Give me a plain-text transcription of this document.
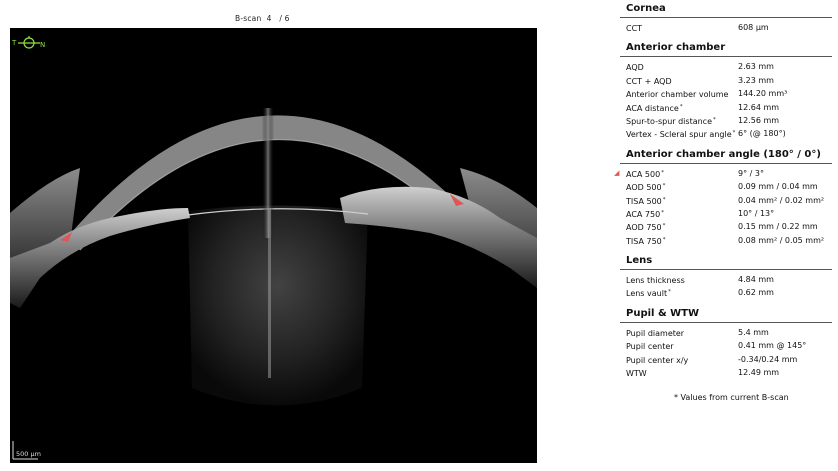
B-scan  4   / 6
T	N
500 µm
Cornea
CCT	608 µm
Anterior chamber
AQD	2.63 mm
CCT + AQD	3.23 mm
Anterior chamber volume 144.20 mm³
ACA distance*	12.64 mm
Spur-to-spur distance*	12.56 mm
Vertex - Scleral spur angle* 6° (@ 180°)
Anterior chamber angle (180° / 0°)
◢ ACA 500*	9° / 3°
AOD 500*	0.09 mm / 0.04 mm
TISA 500*	0.04 mm² / 0.02 mm²
ACA 750*	10° / 13°
AOD 750*	0.15 mm / 0.22 mm
TISA 750*	0.08 mm² / 0.05 mm²
Lens
Lens thickness	4.84 mm
Lens vault*	0.62 mm
Pupil & WTW
Pupil diameter	5.4 mm
Pupil center	0.41 mm @ 145°
Pupil center x/y	-0.34/0.24 mm
WTW	12.49 mm
* Values from current B-scan
